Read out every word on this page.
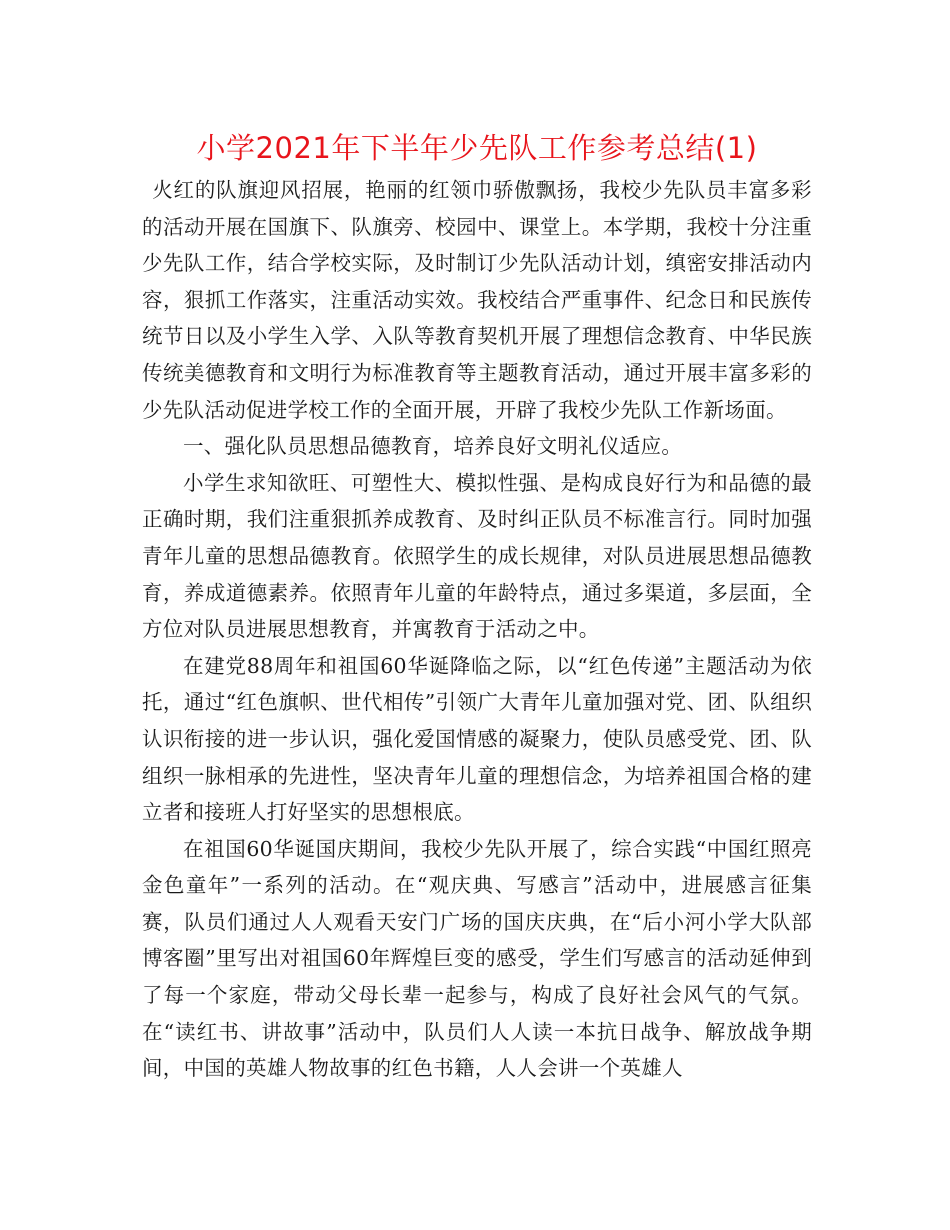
小学2021年下半年少先队工作参考总结(1)

火红的队旗迎风招展，艳丽的红领巾骄傲飘扬，我校少先队员丰富多彩的活动开展在国旗下、队旗旁、校园中、课堂上。本学期，我校十分注重少先队工作，结合学校实际，及时制订少先队活动计划，缜密安排活动内容，狠抓工作落实，注重活动实效。我校结合严重事件、纪念日和民族传统节日以及小学生入学、入队等教育契机开展了理想信念教育、中华民族传统美德教育和文明行为标准教育等主题教育活动，通过开展丰富多彩的少先队活动促进学校工作的全面开展，开辟了我校少先队工作新场面。

一、强化队员思想品德教育，培养良好文明礼仪适应。

小学生求知欲旺、可塑性大、模拟性强、是构成良好行为和品德的最正确时期，我们注重狠抓养成教育、及时纠正队员不标准言行。同时加强青年儿童的思想品德教育。依照学生的成长规律，对队员进展思想品德教育，养成道德素养。依照青年儿童的年龄特点，通过多渠道，多层面，全方位对队员进展思想教育，并寓教育于活动之中。

在建党88周年和祖国60华诞降临之际，以“红色传递”主题活动为依托，通过“红色旗帜、世代相传”引领广大青年儿童加强对党、团、队组织认识衔接的进一步认识，强化爱国情感的凝聚力，使队员感受党、团、队组织一脉相承的先进性，坚决青年儿童的理想信念，为培养祖国合格的建立者和接班人打好坚实的思想根底。

在祖国60华诞国庆期间，我校少先队开展了，综合实践“中国红照亮金色童年”一系列的活动。在“观庆典、写感言”活动中，进展感言征集赛，队员们通过人人观看天安门广场的国庆庆典，在“后小河小学大队部博客圈”里写出对祖国60年辉煌巨变的感受，学生们写感言的活动延伸到了每一个家庭，带动父母长辈一起参与，构成了良好社会风气的气氛。在“读红书、讲故事”活动中，队员们人人读一本抗日战争、解放战争期间，中国的英雄人物故事的红色书籍，人人会讲一个英雄人
